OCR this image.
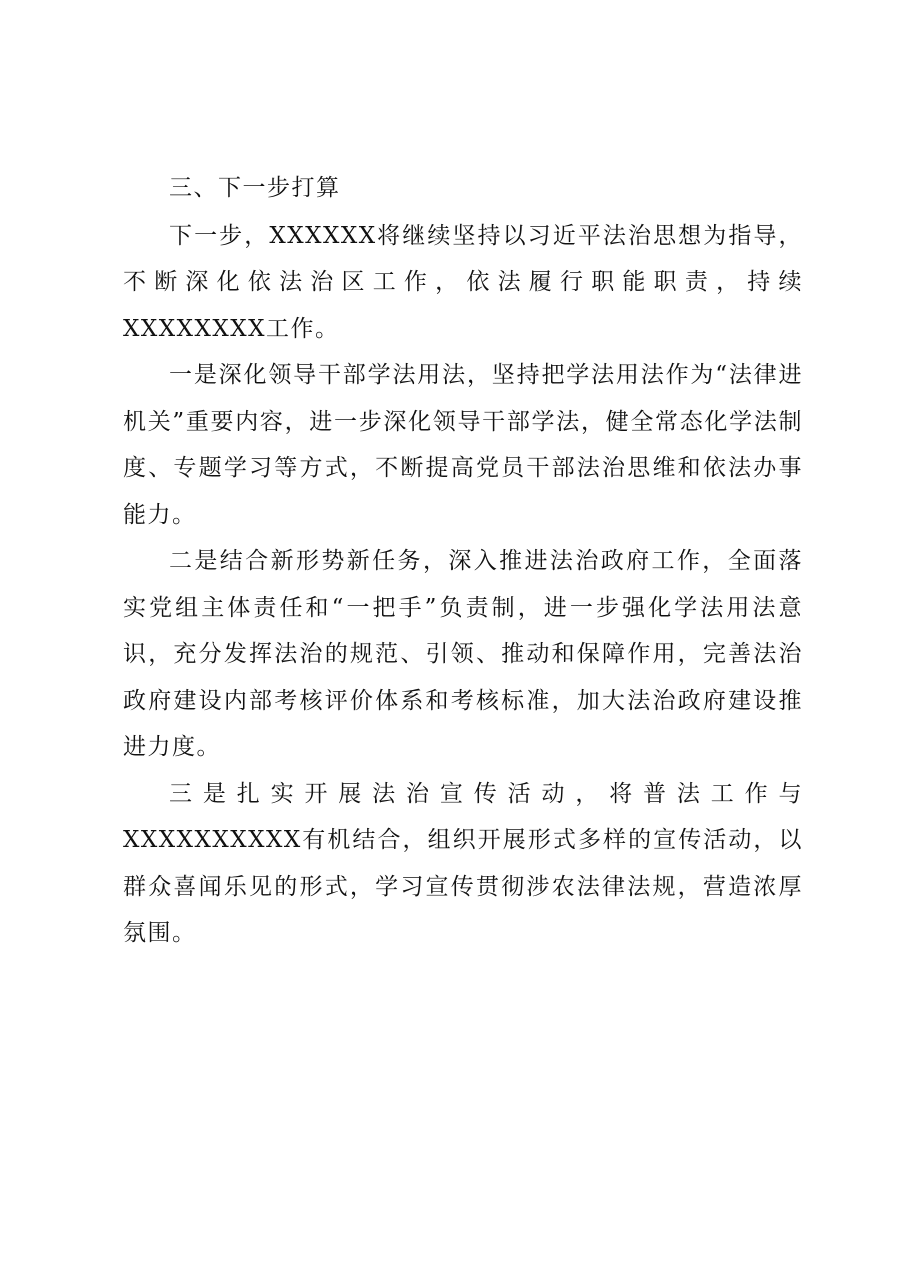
三、下一步打算

下一步，XXXXXX将继续坚持以习近平法治思想为指导，不断深化依法治区工作，依法履行职能职责，持续XXXXXXXX工作。

一是深化领导干部学法用法，坚持把学法用法作为“法律进机关”重要内容，进一步深化领导干部学法，健全常态化学法制度、专题学习等方式，不断提高党员干部法治思维和依法办事能力。

二是结合新形势新任务，深入推进法治政府工作，全面落实党组主体责任和“一把手”负责制，进一步强化学法用法意识，充分发挥法治的规范、引领、推动和保障作用，完善法治政府建设内部考核评价体系和考核标准，加大法治政府建设推进力度。

三是扎实开展法治宣传活动，将普法工作与XXXXXXXXXX有机结合，组织开展形式多样的宣传活动，以群众喜闻乐见的形式，学习宣传贯彻涉农法律法规，营造浓厚氛围。
